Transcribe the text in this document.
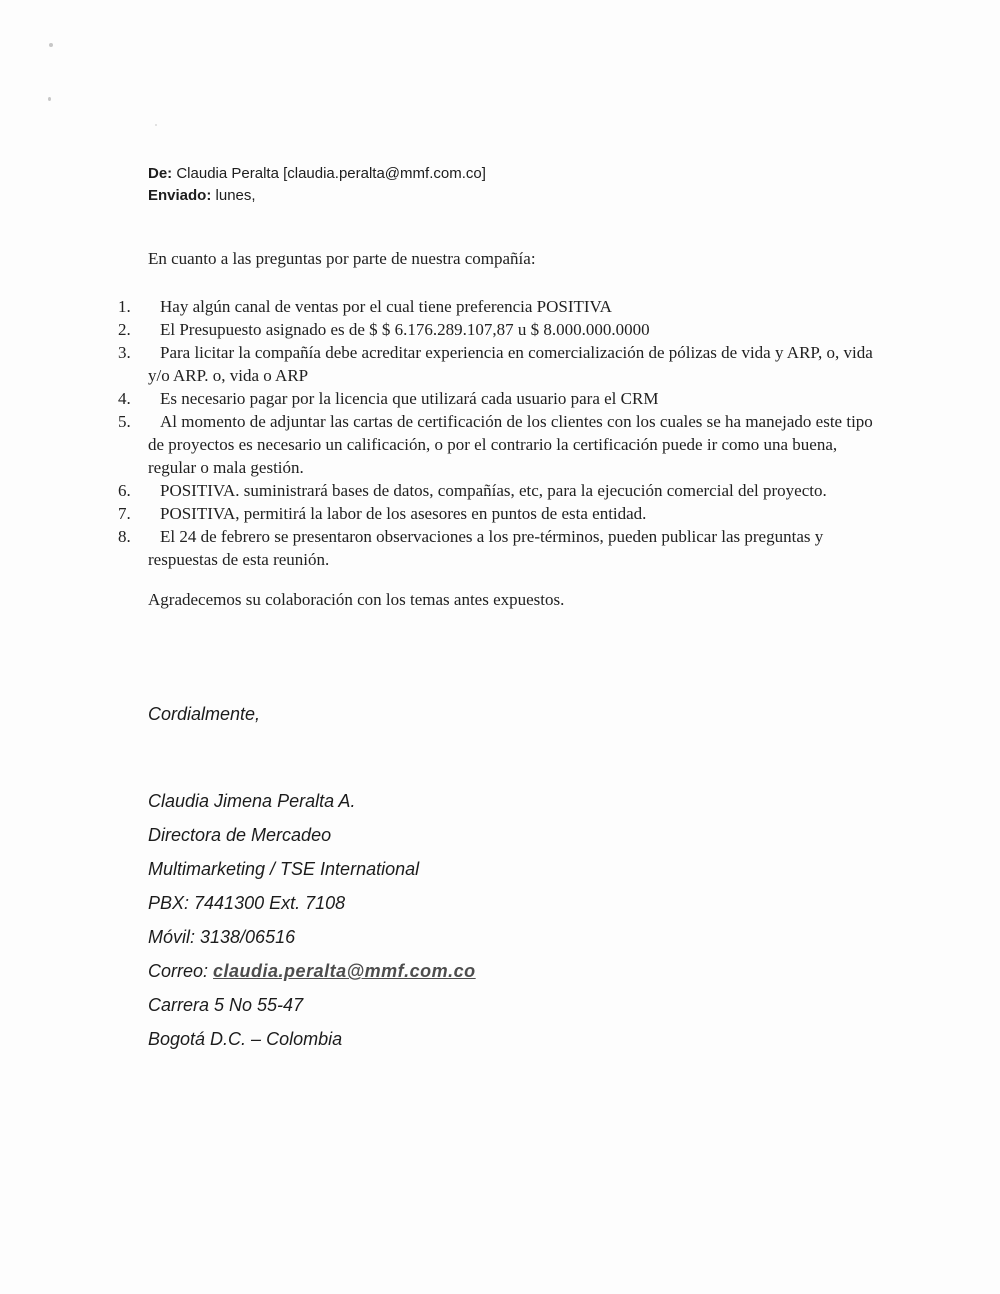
De: Claudia Peralta [claudia.peralta@mmf.com.co]
Enviado: lunes,

En cuanto a las preguntas por parte de nuestra compañía:

1.	Hay algún canal de ventas por el cual tiene preferencia POSITIVA
2.	El Presupuesto asignado es de $ $ 6.176.289.107,87 u $ 8.000.000.0000
3.	Para licitar la compañía debe acreditar experiencia en comercialización de pólizas de vida y ARP, o, vida y/o ARP. o, vida o ARP
4.	Es necesario pagar por la licencia que utilizará cada usuario para el CRM
5.	Al momento de adjuntar las cartas de certificación de los clientes con los cuales se ha manejado este tipo de proyectos es necesario un calificación, o por el contrario la certificación puede ir como una buena, regular o mala gestión.
6.	POSITIVA. suministrará bases de datos, compañías, etc, para la ejecución comercial del proyecto.
7.	POSITIVA, permitirá la labor de los asesores en puntos de esta entidad.
8.	El 24 de febrero se presentaron observaciones a los pre-términos, pueden publicar las preguntas y respuestas de esta reunión.

Agradecemos su colaboración con los temas antes expuestos.

Cordialmente,

Claudia Jimena Peralta A.
Directora de Mercadeo
Multimarketing / TSE International
PBX: 7441300 Ext. 7108
Móvil: 3138/06516
Correo: claudia.peralta@mmf.com.co
Carrera 5 No 55-47
Bogotá D.C. – Colombia
